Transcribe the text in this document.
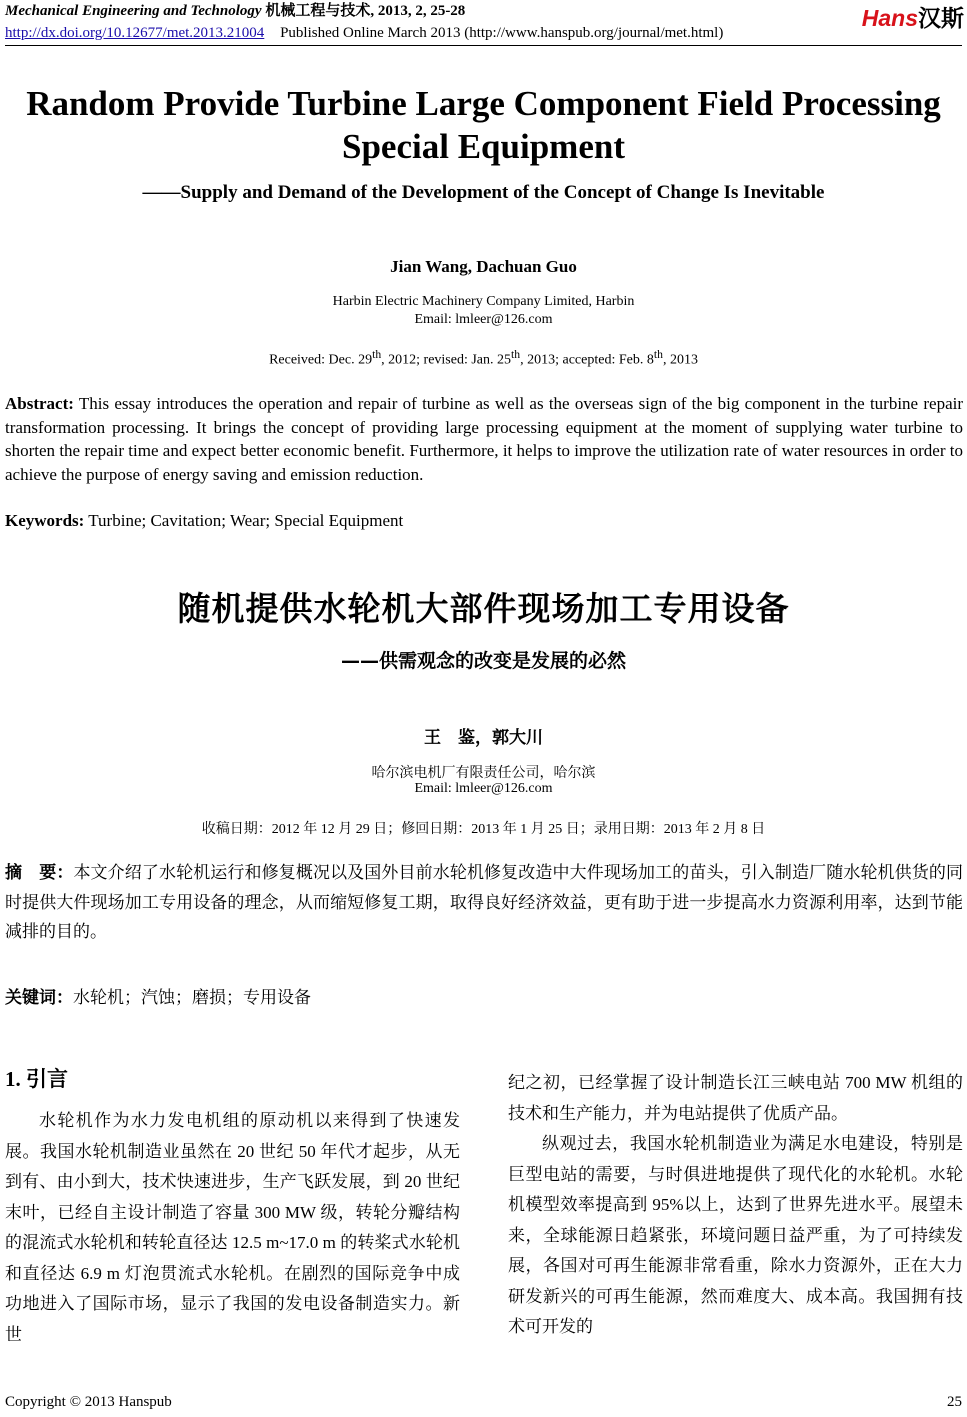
Mechanical Engineering and Technology 机械工程与技术, 2013, 2, 25-28
http://dx.doi.org/10.12677/met.2013.21004 Published Online March 2013 (http://www.hanspub.org/journal/met.html)
Hans汉斯
Random Provide Turbine Large Component Field Processing Special Equipment
——Supply and Demand of the Development of the Concept of Change Is Inevitable
Jian Wang, Dachuan Guo
Harbin Electric Machinery Company Limited, Harbin
Email: lmleer@126.com
Received: Dec. 29th, 2012; revised: Jan. 25th, 2013; accepted: Feb. 8th, 2013
Abstract: This essay introduces the operation and repair of turbine as well as the overseas sign of the big component in the turbine repair transformation processing. It brings the concept of providing large processing equipment at the moment of supplying water turbine to shorten the repair time and expect better economic benefit. Furthermore, it helps to improve the utilization rate of water resources in order to achieve the purpose of energy saving and emission reduction.
Keywords: Turbine; Cavitation; Wear; Special Equipment
随机提供水轮机大部件现场加工专用设备
——供需观念的改变是发展的必然
王　鉴，郭大川
哈尔滨电机厂有限责任公司，哈尔滨
Email: lmleer@126.com
收稿日期：2012 年 12 月 29 日；修回日期：2013 年 1 月 25 日；录用日期：2013 年 2 月 8 日
摘　要：本文介绍了水轮机运行和修复概况以及国外目前水轮机修复改造中大件现场加工的苗头，引入制造厂随水轮机供货的同时提供大件现场加工专用设备的理念，从而缩短修复工期，取得良好经济效益，更有助于进一步提高水力资源利用率，达到节能减排的目的。
关键词：水轮机；汽蚀；磨损；专用设备
1. 引言
水轮机作为水力发电机组的原动机以来得到了快速发展。我国水轮机制造业虽然在 20 世纪 50 年代才起步，从无到有、由小到大，技术快速进步，生产飞跃发展，到 20 世纪末叶，已经自主设计制造了容量 300 MW 级，转轮分瓣结构的混流式水轮机和转轮直径达 12.5 m~17.0 m 的转桨式水轮机和直径达 6.9 m 灯泡贯流式水轮机。在剧烈的国际竞争中成功地进入了国际市场，显示了我国的发电设备制造实力。新世
纪之初，已经掌握了设计制造长江三峡电站 700 MW 机组的技术和生产能力，并为电站提供了优质产品。
纵观过去，我国水轮机制造业为满足水电建设，特别是巨型电站的需要，与时俱进地提供了现代化的水轮机。水轮机模型效率提高到 95%以上，达到了世界先进水平。展望未来，全球能源日趋紧张，环境问题日益严重，为了可持续发展，各国对可再生能源非常看重，除水力资源外，正在大力研发新兴的可再生能源，然而难度大、成本高。我国拥有技术可开发的
Copyright © 2013 Hanspub	25
